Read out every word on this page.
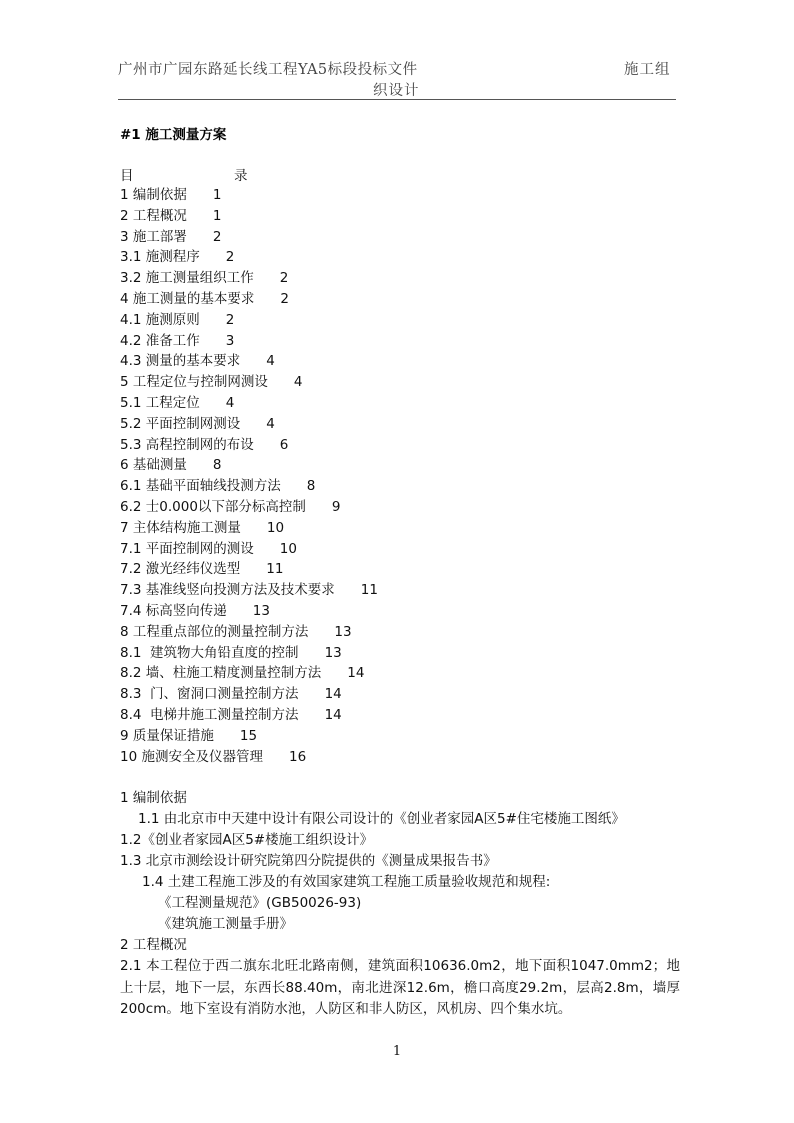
广州市广园东路延长线工程YA5标段投标文件	施工组
织设计
#1 施工测量方案
目	录
1 编制依据 1
2 工程概况 1
3 施工部署 2
3.1 施测程序 2
3.2 施工测量组织工作 2
4 施工测量的基本要求 2
4.1 施测原则 2
4.2 准备工作 3
4.3 测量的基本要求 4
5 工程定位与控制网测设 4
5.1 工程定位 4
5.2 平面控制网测设 4
5.3 高程控制网的布设 6
6 基础测量 8
6.1 基础平面轴线投测方法 8
6.2 士0.000以下部分标高控制 9
7 主体结构施工测量 10
7.1 平面控制网的测设 10
7.2 激光经纬仪选型 11
7.3 基准线竖向投测方法及技术要求 11
7.4 标高竖向传递 13
8 工程重点部位的测量控制方法 13
8.1  建筑物大角铅直度的控制 13
8.2 墙、柱施工精度测量控制方法 14
8.3  门、窗洞口测量控制方法 14
8.4  电梯井施工测量控制方法 14
9 质量保证措施 15
10 施测安全及仪器管理 16
1 编制依据
1.1 由北京市中天建中设计有限公司设计的《创业者家园A区5#住宅楼施工图纸》
1.2《创业者家园A区5#楼施工组织设计》
1.3 北京市测绘设计研究院第四分院提供的《测量成果报告书》
1.4 土建工程施工涉及的有效国家建筑工程施工质量验收规范和规程:
《工程测量规范》(GB50026-93)
《建筑施工测量手册》
2 工程概况

2.1 本工程位于西二旗东北旺北路南侧，建筑面积10636.0m2，地下面积1047.0mm2；地上十层，地下一层，东西长88.40m，南北进深12.6m，檐口高度29.2m，层高2.8m，墙厚200cm。地下室设有消防水池，人防区和非人防区，风机房、四个集水坑。

1
